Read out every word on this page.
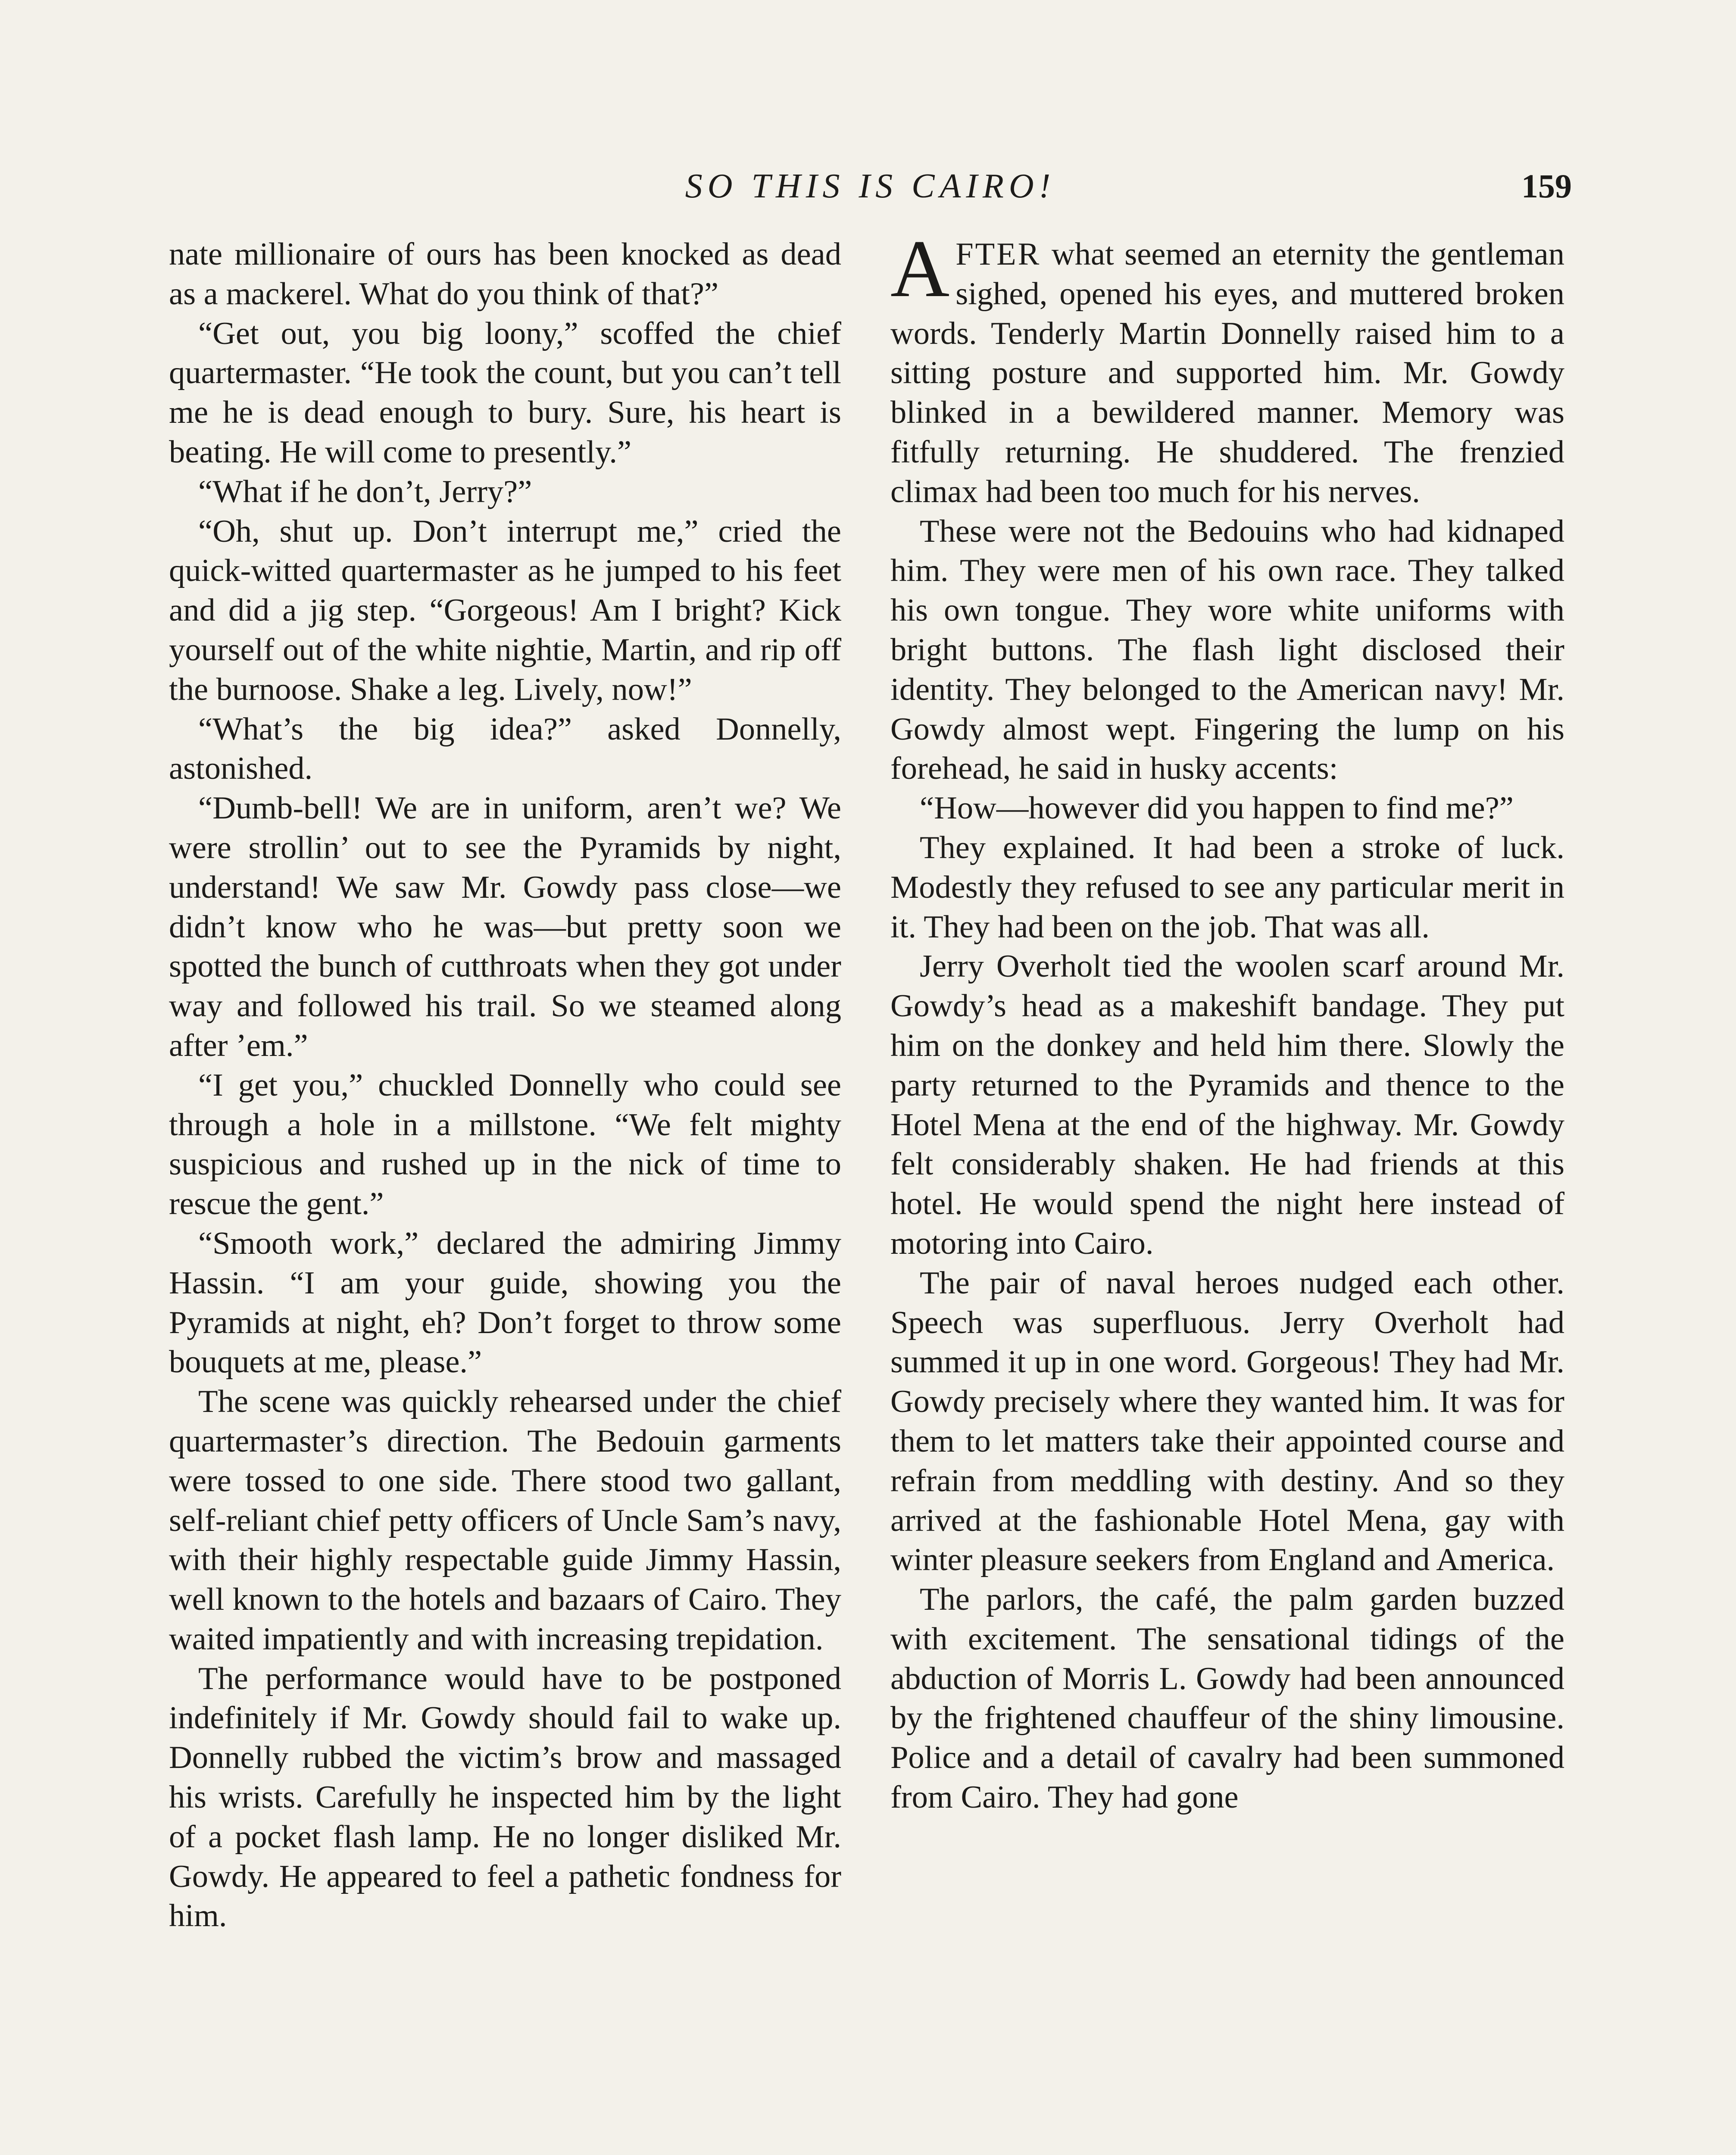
SO THIS IS CAIRO!	159

nate millionaire of ours has been knocked as dead as a mackerel. What do you think of that?”

“Get out, you big loony,” scoffed the chief quartermaster. “He took the count, but you can’t tell me he is dead enough to bury. Sure, his heart is beating. He will come to presently.”

“What if he don’t, Jerry?”

“Oh, shut up. Don’t interrupt me,” cried the quick-witted quartermaster as he jumped to his feet and did a jig step. “Gorgeous! Am I bright? Kick yourself out of the white nightie, Martin, and rip off the burnoose. Shake a leg. Lively, now!”

“What’s the big idea?” asked Donnelly, astonished.

“Dumb-bell! We are in uniform, aren’t we? We were strollin’ out to see the Pyramids by night, understand! We saw Mr. Gowdy pass close—we didn’t know who he was—but pretty soon we spotted the bunch of cutthroats when they got under way and followed his trail. So we steamed along after ’em.”

“I get you,” chuckled Donnelly who could see through a hole in a millstone. “We felt mighty suspicious and rushed up in the nick of time to rescue the gent.”

“Smooth work,” declared the admiring Jimmy Hassin. “I am your guide, showing you the Pyramids at night, eh? Don’t forget to throw some bouquets at me, please.”

The scene was quickly rehearsed under the chief quartermaster’s direction. The Bedouin garments were tossed to one side. There stood two gallant, self-reliant chief petty officers of Uncle Sam’s navy, with their highly respectable guide Jimmy Hassin, well known to the hotels and bazaars of Cairo. They waited impatiently and with increasing trepidation.

The performance would have to be postponed indefinitely if Mr. Gowdy should fail to wake up. Donnelly rubbed the victim’s brow and massaged his wrists. Carefully he inspected him by the light of a pocket flash lamp. He no longer disliked Mr. Gowdy. He appeared to feel a pathetic fondness for him.

AFTER what seemed an eternity the gentleman sighed, opened his eyes, and muttered broken words. Tenderly Martin Donnelly raised him to a sitting posture and supported him. Mr. Gowdy blinked in a bewildered manner. Memory was fitfully returning. He shuddered. The frenzied climax had been too much for his nerves.

These were not the Bedouins who had kidnaped him. They were men of his own race. They talked his own tongue. They wore white uniforms with bright buttons. The flash light disclosed their identity. They belonged to the American navy! Mr. Gowdy almost wept. Fingering the lump on his forehead, he said in husky accents:

“How—however did you happen to find me?”

They explained. It had been a stroke of luck. Modestly they refused to see any particular merit in it. They had been on the job. That was all.

Jerry Overholt tied the woolen scarf around Mr. Gowdy’s head as a makeshift bandage. They put him on the donkey and held him there. Slowly the party returned to the Pyramids and thence to the Hotel Mena at the end of the highway. Mr. Gowdy felt considerably shaken. He had friends at this hotel. He would spend the night here instead of motoring into Cairo.

The pair of naval heroes nudged each other. Speech was superfluous. Jerry Overholt had summed it up in one word. Gorgeous! They had Mr. Gowdy precisely where they wanted him. It was for them to let matters take their appointed course and refrain from meddling with destiny. And so they arrived at the fashionable Hotel Mena, gay with winter pleasure seekers from England and America.

The parlors, the café, the palm garden buzzed with excitement. The sensational tidings of the abduction of Morris L. Gowdy had been announced by the frightened chauffeur of the shiny limousine. Police and a detail of cavalry had been summoned from Cairo. They had gone
